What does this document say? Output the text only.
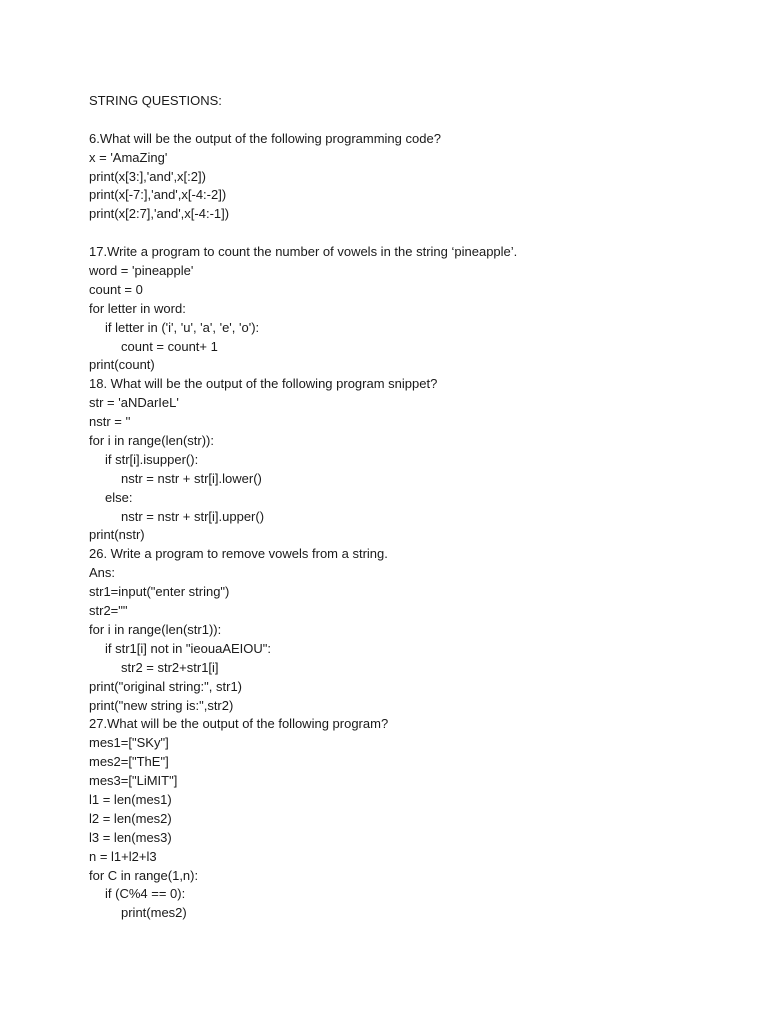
STRING QUESTIONS:
6.What will be the output of the following programming code?
x = 'AmaZing'
print(x[3:],'and',x[:2])
print(x[-7:],'and',x[-4:-2])
print(x[2:7],'and',x[-4:-1])
17.Write a program to count the number of vowels in the string ‘pineapple’.
word = 'pineapple'
count = 0
for letter in word:
if letter in ('i', 'u', 'a', 'e', 'o'):
count = count+ 1
print(count)
18. What will be the output of the following program snippet?
str = 'aNDarIeL'
nstr = ''
for i in range(len(str)):
if str[i].isupper():
nstr = nstr + str[i].lower()
else:
nstr = nstr + str[i].upper()
print(nstr)
26. Write a program to remove vowels from a string.
Ans:
str1=input("enter string")
str2=""
for i in range(len(str1)):
if str1[i] not in "ieouaAEIOU":
str2 = str2+str1[i]
print("original string:", str1)
print("new string is:",str2)
27.What will be the output of the following program?
mes1=["SKy"]
mes2=["ThE"]
mes3=["LiMIT"]
l1 = len(mes1)
l2 = len(mes2)
l3 = len(mes3)
n = l1+l2+l3
for C in range(1,n):
if (C%4 == 0):
print(mes2)
